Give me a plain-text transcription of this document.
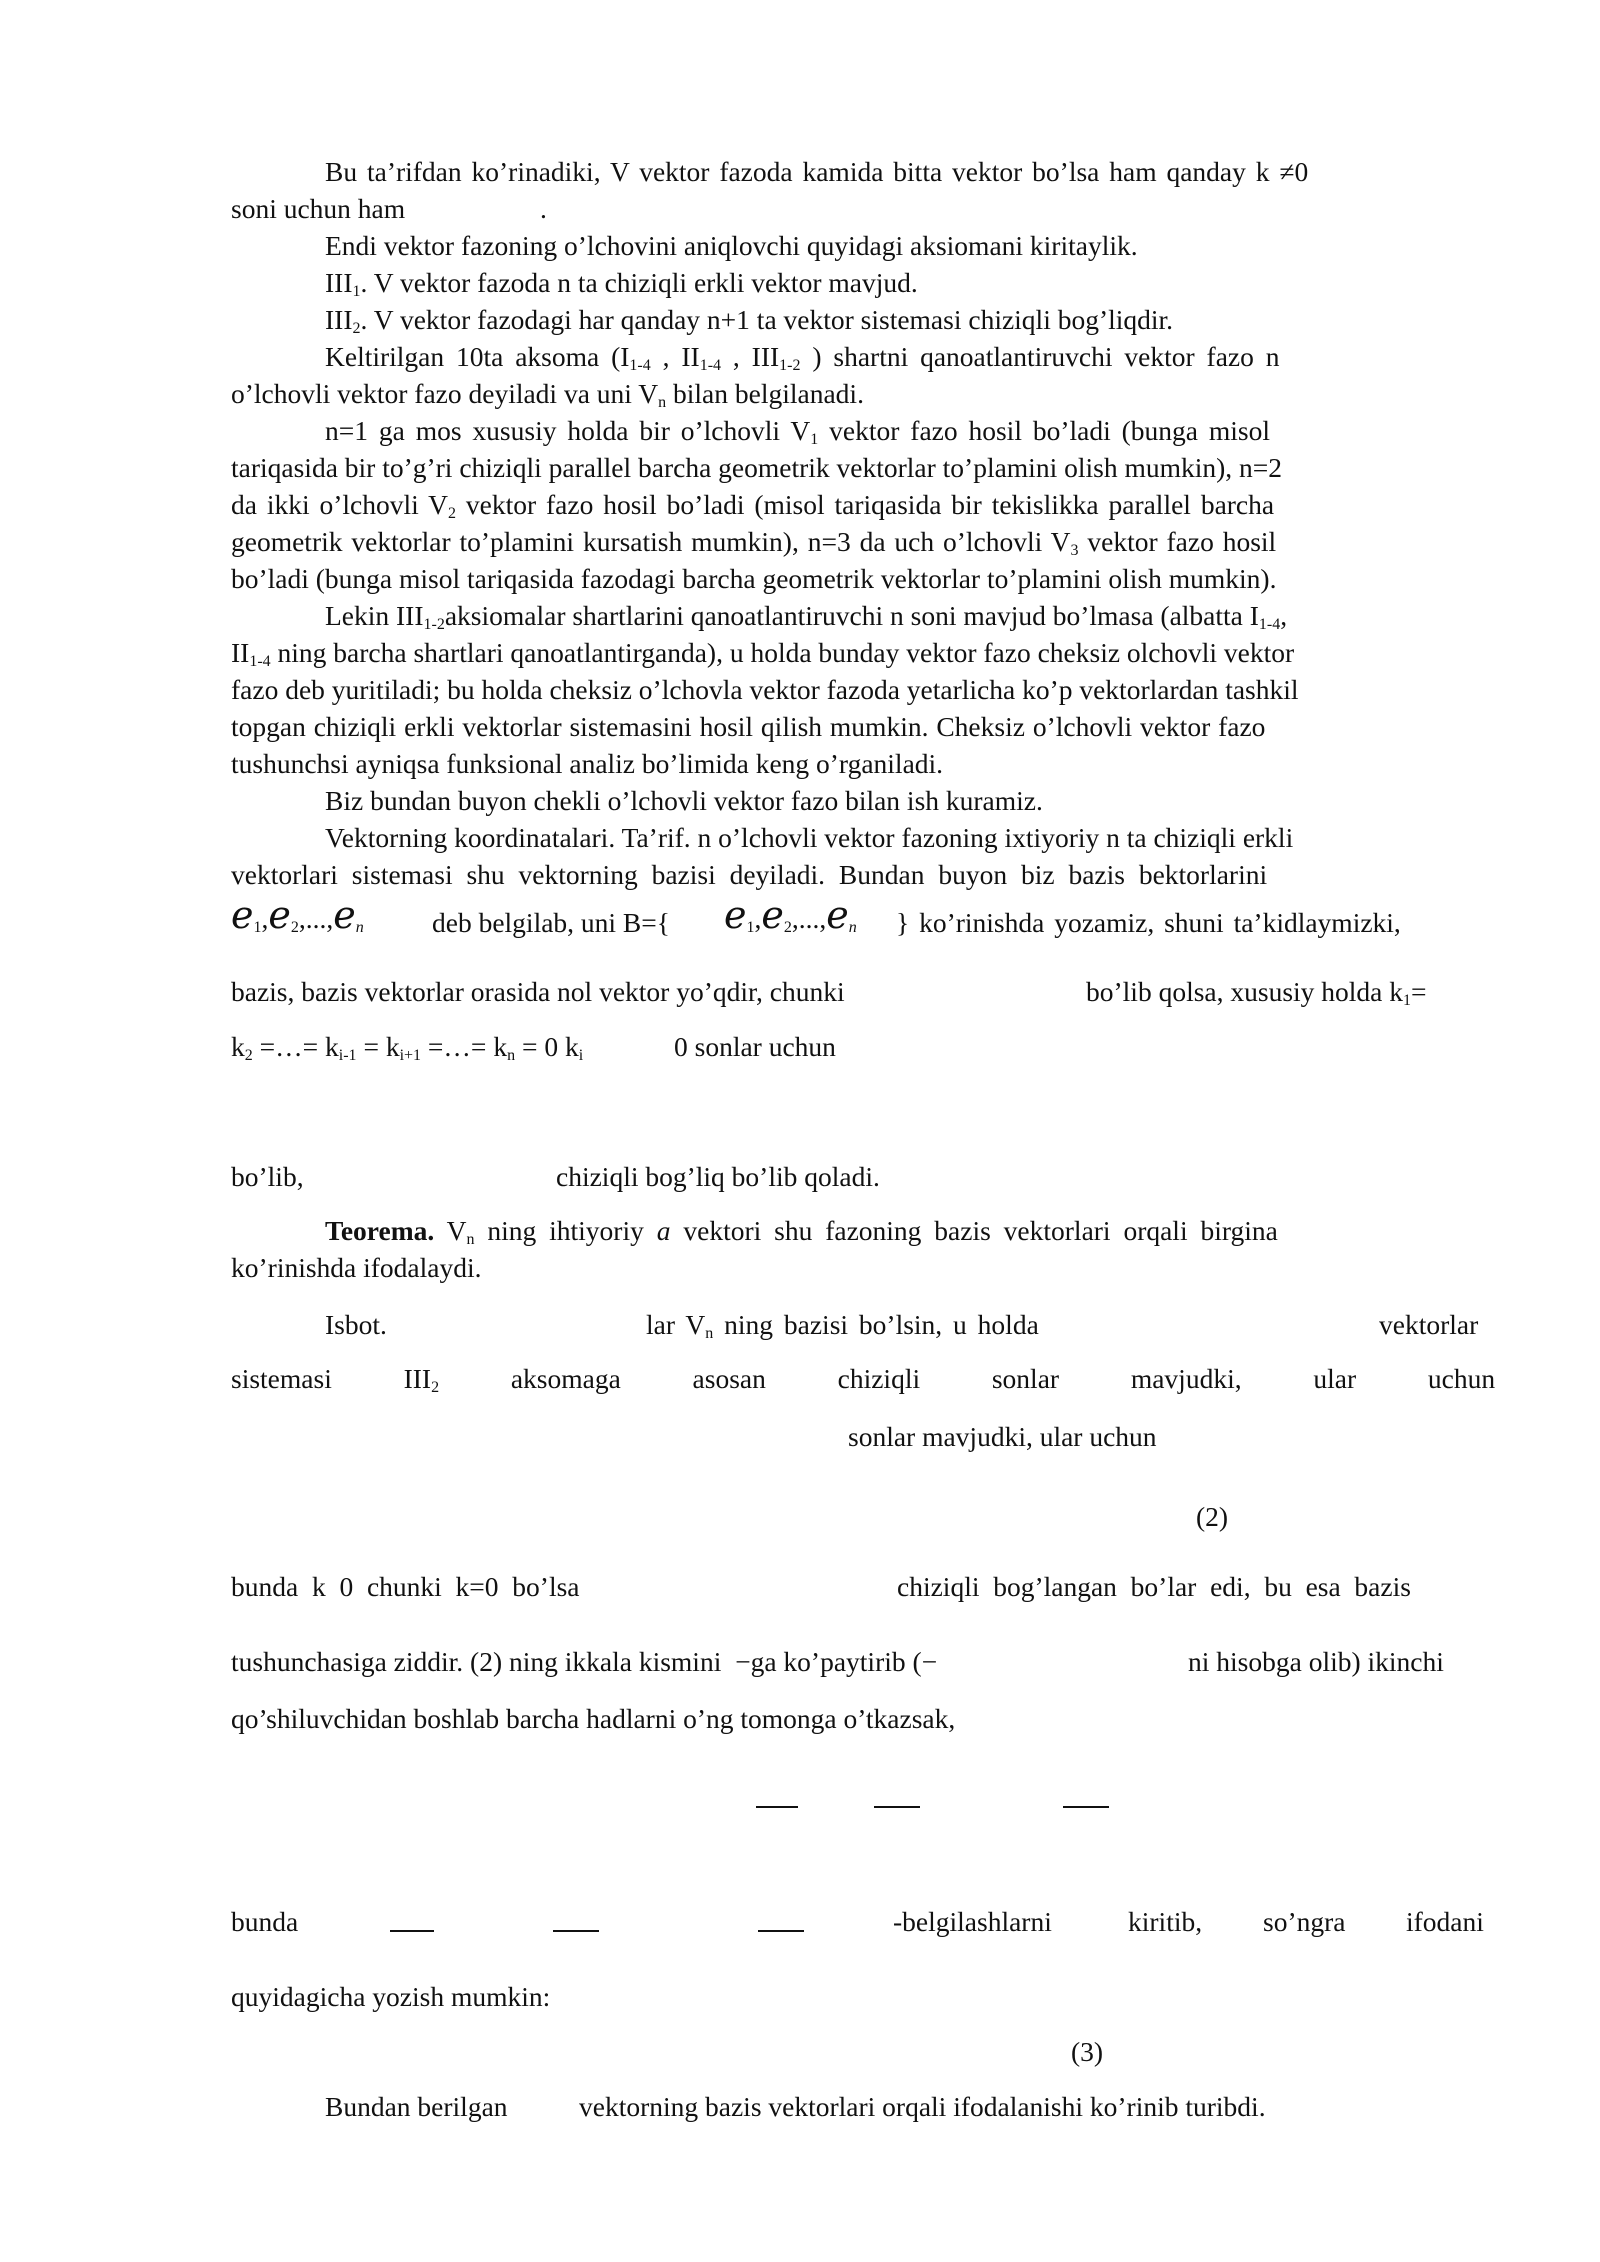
Bu ta’rifdan ko’rinadiki, V vektor fazoda kamida bitta vektor bo’lsa ham qanday k ≠0
soni uchun ham	.
Endi vektor fazoning o’lchovini aniqlovchi quyidagi aksiomani kiritaylik.
$III_1$. V vektor fazoda n ta chiziqli erkli vektor mavjud.
$III_2$. V vektor fazodagi har qanday n+1 ta vektor sistemasi chiziqli bog’liqdir.
Keltirilgan 10ta aksoma ($I_{1-4}$ , $II_{1-4}$ , $III_{1-2}$ ) shartni qanoatlantiruvchi vektor fazo n
o’lchovli vektor fazo deyiladi va uni $V_n$ bilan belgilanadi.
n=1 ga mos xususiy holda bir o’lchovli $V_1$ vektor fazo hosil bo’ladi (bunga misol
tariqasida bir to’g’ri chiziqli parallel barcha geometrik vektorlar to’plamini olish mumkin), n=2
da ikki o’lchovli $V_2$ vektor fazo hosil bo’ladi (misol tariqasida bir tekislikka parallel barcha
geometrik vektorlar to’plamini kursatish mumkin), n=3 da uch o’lchovli $V_3$ vektor fazo hosil
bo’ladi (bunga misol tariqasida fazodagi barcha geometrik vektorlar to’plamini olish mumkin).
Lekin $III_{1-2}aksiomalar$ shartlarini qanoatlantiruvchi n soni mavjud bo’lmasa (albatta $I_{1-4}$,
$II_{1-4}$ ning barcha shartlari qanoatlantirganda), u holda bunday vektor fazo cheksiz olchovli vektor
fazo deb yuritiladi; bu holda cheksiz o’lchovla vektor fazoda yetarlicha ko’p vektorlardan tashkil
topgan chiziqli erkli vektorlar sistemasini hosil qilish mumkin. Cheksiz o’lchovli vektor fazo
tushunchsi ayniqsa funksional analiz bo’limida keng o’rganiladi.
Biz bundan buyon chekli o’lchovli vektor fazo bilan ish kuramiz.
Vektorning koordinatalari. Ta’rif. n o’lchovli vektor fazoning ixtiyoriy n ta chiziqli erkli
vektorlari sistemasi shu vektorning bazisi deyiladi. Bundan buyon biz bazis bektorlarini
$e_1,e_2,...,e_n$ deb belgilab, uni B={ $e_1,e_2,...,e_n$ } ko’rinishda yozamiz, shuni ta’kidlaymizki,
bazis, bazis vektorlar orasida nol vektor yo’qdir, chunki	bo’lib qolsa, xususiy holda $k_1=$
$k_2$ =…= $k_{i-1} = k_{i+1}$ =…= $k_n = 0$ $k_i$	0 sonlar uchun
bo’lib,	chiziqli bog’liq bo’lib qoladi.
Teorema. $V_n$ ning ihtiyoriy a vektori shu fazoning bazis vektorlari orqali birgina
ko’rinishda ifodalaydi.
Isbot.	lar $V_n$ ning bazisi bo’lsin, u holda	vektorlar
sistemasi	$III_2$	aksomaga	asosan	chiziqli	sonlar	mavjudki,	ular	uchun
sonlar mavjudki, ular uchun
(2)
bunda  k  0  chunki  k=0  bo’lsa	chiziqli  bog’langan  bo’lar  edi,  bu  esa  bazis
tushunchasiga ziddir. (2) ning ikkala kismini  −ga ko’paytirib (−	ni hisobga olib) ikinchi
qo’shiluvchidan boshlab barcha hadlarni o’ng tomonga o’tkazsak,
bunda	-belgilashlarni	kiritib, so’ngra ifodani
quyidagicha yozish mumkin:
(3)
Bundan berilgan	vektorning bazis vektorlari orqali ifodalanishi ko’rinib turibdi.
